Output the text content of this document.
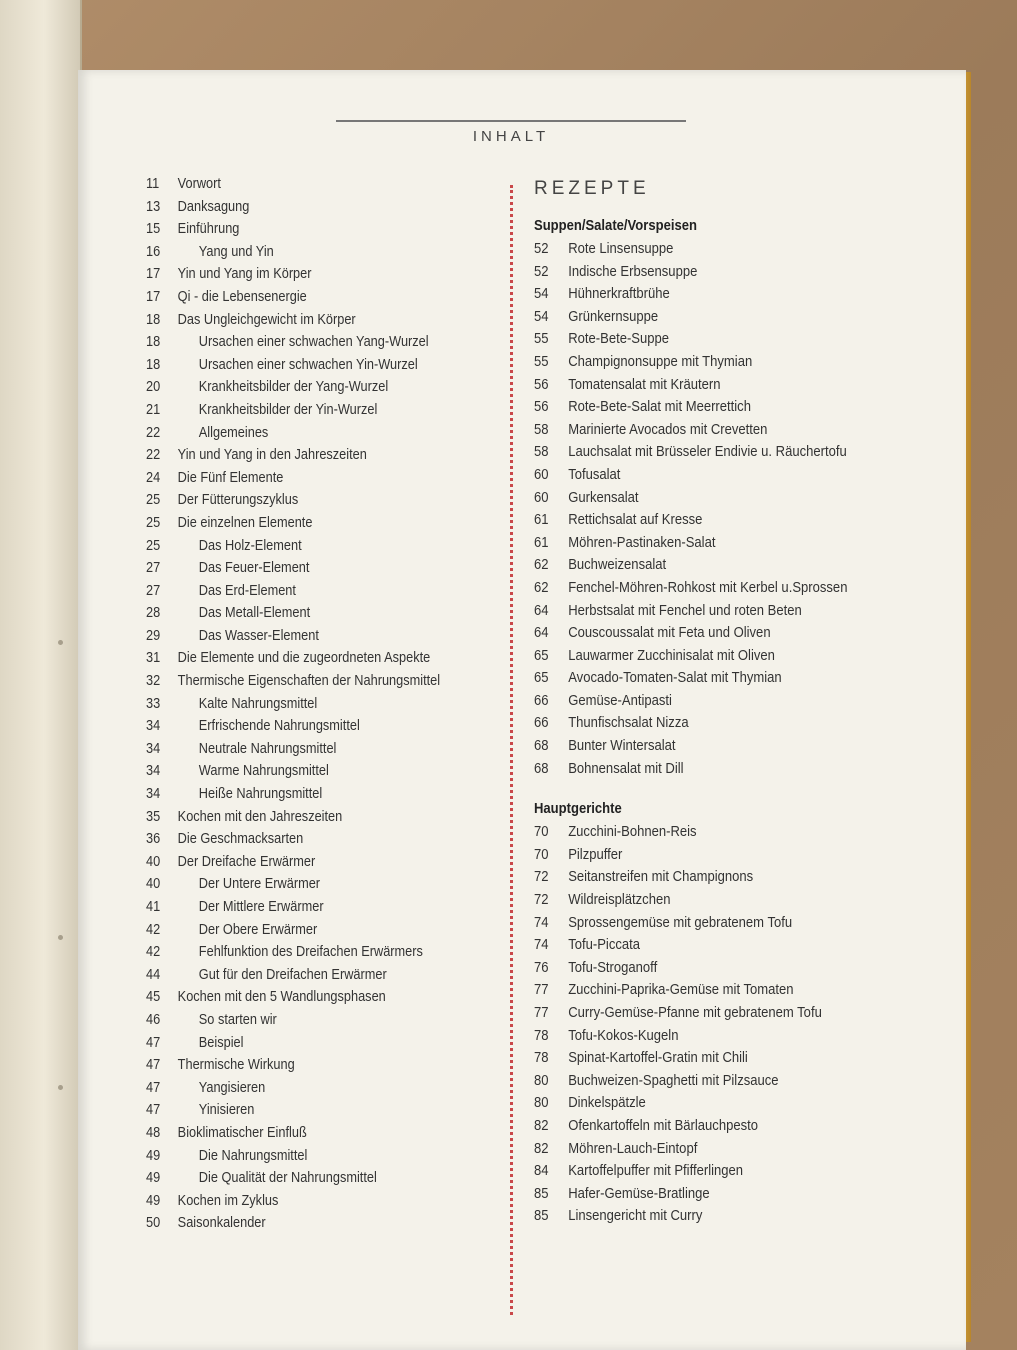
INHALT
11	Vorwort
13	Danksagung
15	Einführung
16	Yang und Yin
17	Yin und Yang im Körper
17	Qi - die Lebensenergie
18	Das Ungleichgewicht im Körper
18	Ursachen einer schwachen Yang-Wurzel
18	Ursachen einer schwachen Yin-Wurzel
20	Krankheitsbilder der Yang-Wurzel
21	Krankheitsbilder der Yin-Wurzel
22	Allgemeines
22	Yin und Yang in den Jahreszeiten
24	Die Fünf Elemente
25	Der Fütterungszyklus
25	Die einzelnen Elemente
25	Das Holz-Element
27	Das Feuer-Element
27	Das Erd-Element
28	Das Metall-Element
29	Das Wasser-Element
31	Die Elemente und die zugeordneten Aspekte
32	Thermische Eigenschaften der Nahrungsmittel
33	Kalte Nahrungsmittel
34	Erfrischende Nahrungsmittel
34	Neutrale Nahrungsmittel
34	Warme Nahrungsmittel
34	Heiße Nahrungsmittel
35	Kochen mit den Jahreszeiten
36	Die Geschmacksarten
40	Der Dreifache Erwärmer
40	Der Untere Erwärmer
41	Der Mittlere Erwärmer
42	Der Obere Erwärmer
42	Fehlfunktion des Dreifachen Erwärmers
44	Gut für den Dreifachen Erwärmer
45	Kochen mit den 5 Wandlungsphasen
46	So starten wir
47	Beispiel
47	Thermische Wirkung
47	Yangisieren
47	Yinisieren
48	Bioklimatischer Einfluß
49	Die Nahrungsmittel
49	Die Qualität der Nahrungsmittel
49	Kochen im Zyklus
50	Saisonkalender
REZEPTE
Suppen/Salate/Vorspeisen
52	Rote Linsensuppe
52	Indische Erbsensuppe
54	Hühnerkraftbrühe
54	Grünkernsuppe
55	Rote-Bete-Suppe
55	Champignonsuppe mit Thymian
56	Tomatensalat mit Kräutern
56	Rote-Bete-Salat mit Meerrettich
58	Marinierte Avocados mit Crevetten
58	Lauchsalat mit Brüsseler Endivie u. Räuchertofu
60	Tofusalat
60	Gurkensalat
61	Rettichsalat auf Kresse
61	Möhren-Pastinaken-Salat
62	Buchweizensalat
62	Fenchel-Möhren-Rohkost mit Kerbel u.Sprossen
64	Herbstsalat mit Fenchel und roten Beten
64	Couscoussalat mit Feta und Oliven
65	Lauwarmer Zucchinisalat mit Oliven
65	Avocado-Tomaten-Salat mit Thymian
66	Gemüse-Antipasti
66	Thunfischsalat Nizza
68	Bunter Wintersalat
68	Bohnensalat mit Dill
Hauptgerichte
70	Zucchini-Bohnen-Reis
70	Pilzpuffer
72	Seitanstreifen mit Champignons
72	Wildreisplätzchen
74	Sprossengemüse mit gebratenem Tofu
74	Tofu-Piccata
76	Tofu-Stroganoff
77	Zucchini-Paprika-Gemüse mit Tomaten
77	Curry-Gemüse-Pfanne mit gebratenem Tofu
78	Tofu-Kokos-Kugeln
78	Spinat-Kartoffel-Gratin mit Chili
80	Buchweizen-Spaghetti mit Pilzsauce
80	Dinkelspätzle
82	Ofenkartoffeln mit Bärlauchpesto
82	Möhren-Lauch-Eintopf
84	Kartoffelpuffer mit Pfifferlingen
85	Hafer-Gemüse-Bratlinge
85	Linsengericht mit Curry
